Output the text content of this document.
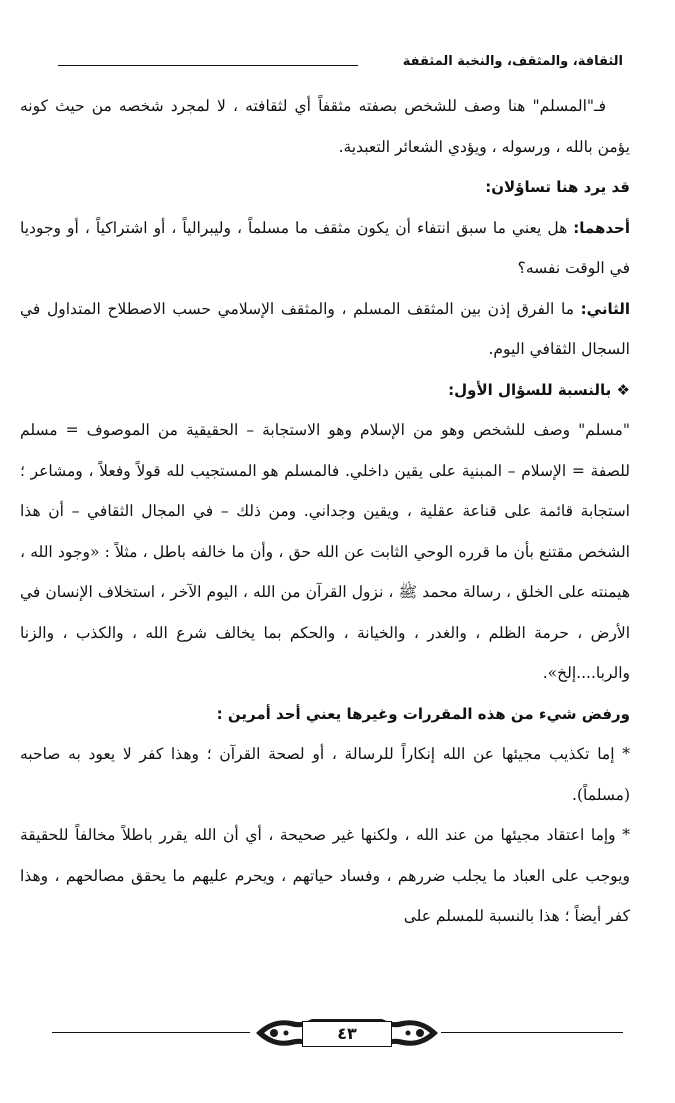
الثقافة، والمثقف، والنخبة المثقفة

فـ"المسلم" هنا وصف للشخص بصفته مثقفاً أي لثقافته ، لا لمجرد شخصه من حيث كونه يؤمن بالله ، ورسوله ، ويؤدي الشعائر التعبدية.

قد يرد هنا تساؤلان:

أحدهما: هل يعني ما سبق انتفاء أن يكون مثقف ما مسلماً ، وليبرالياً ، أو اشتراكياً ، أو وجوديا في الوقت نفسه؟

الثاني: ما الفرق إذن بين المثقف المسلم ، والمثقف الإسلامي حسب الاصطلاح المتداول في السجال الثقافي اليوم.

❖ بالنسبة للسؤال الأول:

"مسلم" وصف للشخص وهو من الإسلام وهو الاستجابة – الحقيقية من الموصوف = مسلم للصفة = الإسلام – المبنية على يقين داخلي. فالمسلم هو المستجيب لله قولاً وفعلاً ، ومشاعر ؛ استجابة قائمة على قناعة عقلية ، ويقين وجداني. ومن ذلك – في المجال الثقافي – أن هذا الشخص مقتنع بأن ما قرره الوحي الثابت عن الله حق ، وأن ما خالفه باطل ، مثلاً : «وجود الله ، هيمنته على الخلق ، رسالة محمد ﷺ ، نزول القرآن من الله ، اليوم الآخر ، استخلاف الإنسان في الأرض ، حرمة الظلم ، والغدر ، والخيانة ، والحكم بما يخالف شرع الله ، والكذب ، والزنا والربا....إلخ».

ورفض شيء من هذه المقررات وغيرها يعني أحد أمرين :

* إما تكذيب مجيئها عن الله إنكاراً للرسالة ، أو لصحة القرآن ؛ وهذا كفر لا يعود به صاحبه (مسلماً).

* وإما اعتقاد مجيئها من عند الله ، ولكنها غير صحيحة ، أي أن الله يقرر باطلاً مخالفاً للحقيقة ويوجب على العباد ما يجلب ضررهم ، وفساد حياتهم ، ويحرم عليهم ما يحقق مصالحهم ، وهذا كفر أيضاً ؛ هذا بالنسبة للمسلم على

٤٣
